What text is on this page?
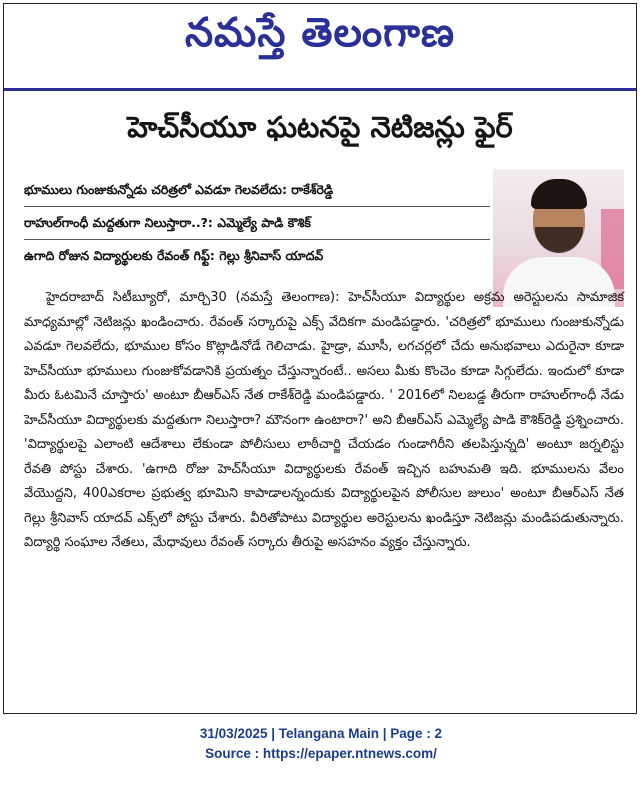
నమస్తే తెలంగాణ
హెచ్‌సీయూ ఘటనపై నెటిజన్లు ఫైర్
భూములు గుంజుకున్నోడు చరిత్రలో ఎవడూ గెలవలేదు: రాకేశ్‌రెడ్డి
రాహుల్‌గాంధీ మద్దతుగా నిలుస్తారా..?: ఎమ్మెల్యే పాడి కౌశిక్
ఉగాది రోజున విద్యార్థులకు రేవంత్ గిఫ్ట్: గెల్లు శ్రీనివాస్ యాదవ్

హైదరాబాద్ సిటీబ్యూరో, మార్చి30 (నమస్తే తెలంగాణ): హెచ్‌సీయూ విద్యార్థుల అక్రమ అరెస్టులను సామాజిక మాధ్యమాల్లో నెటిజన్లు ఖండించారు. రేవంత్ సర్కారుపై ఎక్స్ వేదికగా మండిపడ్డారు. 'చరిత్రలో భూములు గుంజుకున్నోడు ఎవడూ గెలవలేదు, భూముల కోసం కొట్లాడినోడే గెలిచాడు. హైడ్రా, మూసీ, లగచర్లలో చేదు అనుభవాలు ఎదురైనా కూడా హెచ్‌సీయూ భూములు గుంజుకోవడానికి ప్రయత్నం చేస్తున్నారంటే.. అసలు మీకు కొంచెం కూడా సిగ్గులేదు. ఇందులో కూడా మీరు ఓటమినే చూస్తారు' అంటూ బీఆర్‌ఎస్ నేత రాకేశ్‌రెడ్డి మండిపడ్డారు. ' 2016లో నిలబడ్డ తీరుగా రాహుల్‌గాంధీ నేడు హెచ్‌సీయూ విద్యార్థులకు మద్దతుగా నిలుస్తారా? మౌనంగా ఉంటారా?' అని బీఆర్‌ఎస్ ఎమ్మెల్యే పాడి కౌశిక్‌రెడ్డి ప్రశ్నించారు. 'విద్యార్థులపై ఎలాంటి ఆదేశాలు లేకుండా పోలీసులు లాఠీచార్జి చేయడం గుండాగిరీని తలపిస్తున్నది' అంటూ జర్నలిస్టు రేవతి పోస్టు చేశారు. 'ఉగాది రోజు హెచ్‌సీయూ విద్యార్థులకు రేవంత్ ఇచ్చిన బహుమతి ఇది. భూములను వేలం వేయొద్దని, 400ఎకరాల ప్రభుత్వ భూమిని కాపాడాలన్నందుకు విద్యార్థులపైన పోలీసుల జులుం' అంటూ బీఆర్‌ఎస్ నేత గెల్లు శ్రీనివాస్ యాదవ్ ఎక్స్‌లో పోస్టు చేశారు. వీరితోపాటు విద్యార్థుల అరెస్టులను ఖండిస్తూ నెటిజన్లు మండిపడుతున్నారు. విద్యార్థి సంఘాల నేతలు, మేధావులు రేవంత్ సర్కారు తీరుపై అసహనం వ్యక్తం చేస్తున్నారు.

31/03/2025 | Telangana Main | Page : 2
Source : https://epaper.ntnews.com/
